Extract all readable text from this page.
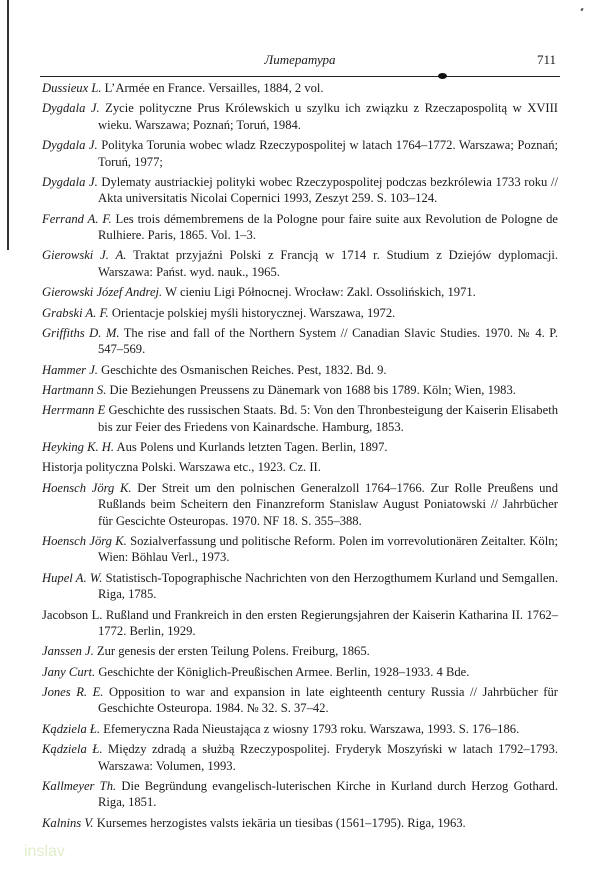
Литература	711

Dussieux L. L’Armée en France. Versailles, 1884, 2 vol.

Dygdala J. Zycie polityczne Prus Królewskich u szylku ich związku z Rzeczapospolitą w XVIII wieku. Warszawa; Poznań; Toruń, 1984.

Dygdala J. Polityka Torunia wobec wladz Rzeczypospolitej w latach 1764–1772. Warszawa; Poznań; Toruń, 1977;

Dygdala J. Dylematy austriackiej polityki wobec Rzeczypospolitej podczas bezkrólewia 1733 roku // Akta universitatis Nicolai Copernici 1993, Zeszyt 259. S. 103–124.

Ferrand A. F. Les trois démembremens de la Pologne pour faire suite aux Revolution de Pologne de Rulhiere. Paris, 1865. Vol. 1–3.

Gierowski J. A. Traktat przyjaźni Polski z Francją w 1714 r. Studium z Dziejów dyplomacji. Warszawa: Państ. wyd. nauk., 1965.

Gierowski Józef Andrej. W cieniu Ligi Północnej. Wrocław: Zakl. Ossolińskich, 1971.

Grabski A. F. Orientacje polskiej myśli historycznej. Warszawa, 1972.

Griffiths D. M. The rise and fall of the Northern System // Canadian Slavic Studies. 1970. № 4. P. 547–569.

Hammer J. Geschichte des Osmanischen Reiches. Pest, 1832. Bd. 9.

Hartmann S. Die Beziehungen Preussens zu Dänemark von 1688 bis 1789. Köln; Wien, 1983.

Herrmann E Geschichte des russischen Staats. Bd. 5: Von den Thronbesteigung der Kaiserin Elisabeth bis zur Feier des Friedens von Kainardsche. Hamburg, 1853.

Heyking K. H. Aus Polens und Kurlands letzten Tagen. Berlin, 1897.

Historja polityczna Polski. Warszawa etc., 1923. Cz. II.

Hoensch Jörg K. Der Streit um den polnischen Generalzoll 1764–1766. Zur Rolle Preußens und Rußlands beim Scheitern den Finanzreform Stanislaw August Poniatowski // Jahrbücher für Gescichte Osteuropas. 1970. NF 18. S. 355–388.

Hoensch Jörg K. Sozialverfassung und politische Reform. Polen im vorrevolutionären Zeitalter. Köln; Wien: Böhlau Verl., 1973.

Hupel A. W. Statistisch-Topographische Nachrichten von den Herzogthumem Kurland und Semgallen. Riga, 1785.

Jacobson L. Rußland und Frankreich in den ersten Regierungsjahren der Kaiserin Katharina II. 1762–1772. Berlin, 1929.

Janssen J. Zur genesis der ersten Teilung Polens. Freiburg, 1865.

Jany Curt. Geschichte der Königlich-Preußischen Armee. Berlin, 1928–1933. 4 Bde.

Jones R. E. Opposition to war and expansion in late eighteenth century Russia // Jahrbücher für Geschichte Osteuropa. 1984. № 32. S. 37–42.

Kądziela Ł. Efemeryczna Rada Nieustająca z wiosny 1793 roku. Warszawa, 1993. S. 176–186.

Kądziela Ł. Między zdradą a służbą Rzeczypospolitej. Fryderyk Moszyński w latach 1792–1793. Warszawa: Volumen, 1993.

Kallmeyer Th. Die Begründung evangelisch-luterischen Kirche in Kurland durch Herzog Gothard. Riga, 1851.

Kalnins V. Kursemes herzogistes valsts iekāria un tiesibas (1561–1795). Riga, 1963.

inslav
